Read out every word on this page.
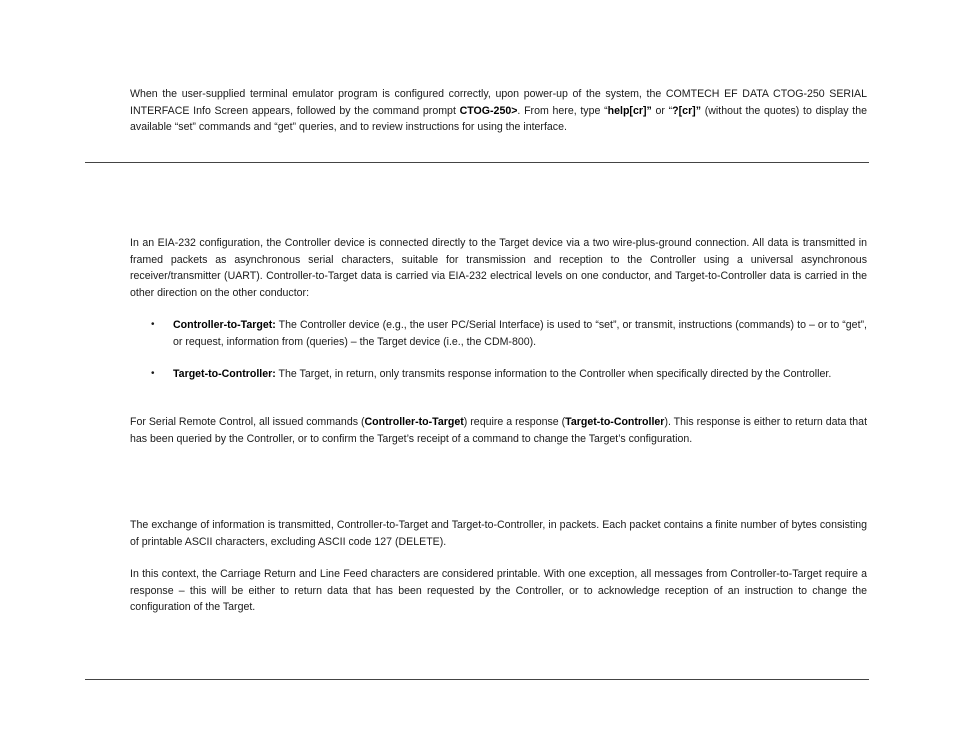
When the user-supplied terminal emulator program is configured correctly, upon power-up of the system, the COMTECH EF DATA CTOG-250 SERIAL INTERFACE Info Screen appears, followed by the command prompt CTOG-250>. From here, type “help[cr]” or “?[cr]” (without the quotes) to display the available “set” commands and “get” queries, and to review instructions for using the interface.

In an EIA-232 configuration, the Controller device is connected directly to the Target device via a two wire-plus-ground connection. All data is transmitted in framed packets as asynchronous serial characters, suitable for transmission and reception to the Controller using a universal asynchronous receiver/transmitter (UART). Controller-to-Target data is carried via EIA-232 electrical levels on one conductor, and Target-to-Controller data is carried in the other direction on the other conductor:

• Controller-to-Target: The Controller device (e.g., the user PC/Serial Interface) is used to “set”, or transmit, instructions (commands) to – or to “get”, or request, information from (queries) – the Target device (i.e., the CDM-800).
• Target-to-Controller: The Target, in return, only transmits response information to the Controller when specifically directed by the Controller.

For Serial Remote Control, all issued commands (Controller-to-Target) require a response (Target-to-Controller). This response is either to return data that has been queried by the Controller, or to confirm the Target’s receipt of a command to change the Target’s configuration.

The exchange of information is transmitted, Controller-to-Target and Target-to-Controller, in packets. Each packet contains a finite number of bytes consisting of printable ASCII characters, excluding ASCII code 127 (DELETE).

In this context, the Carriage Return and Line Feed characters are considered printable. With one exception, all messages from Controller-to-Target require a response – this will be either to return data that has been requested by the Controller, or to acknowledge reception of an instruction to change the configuration of the Target.
